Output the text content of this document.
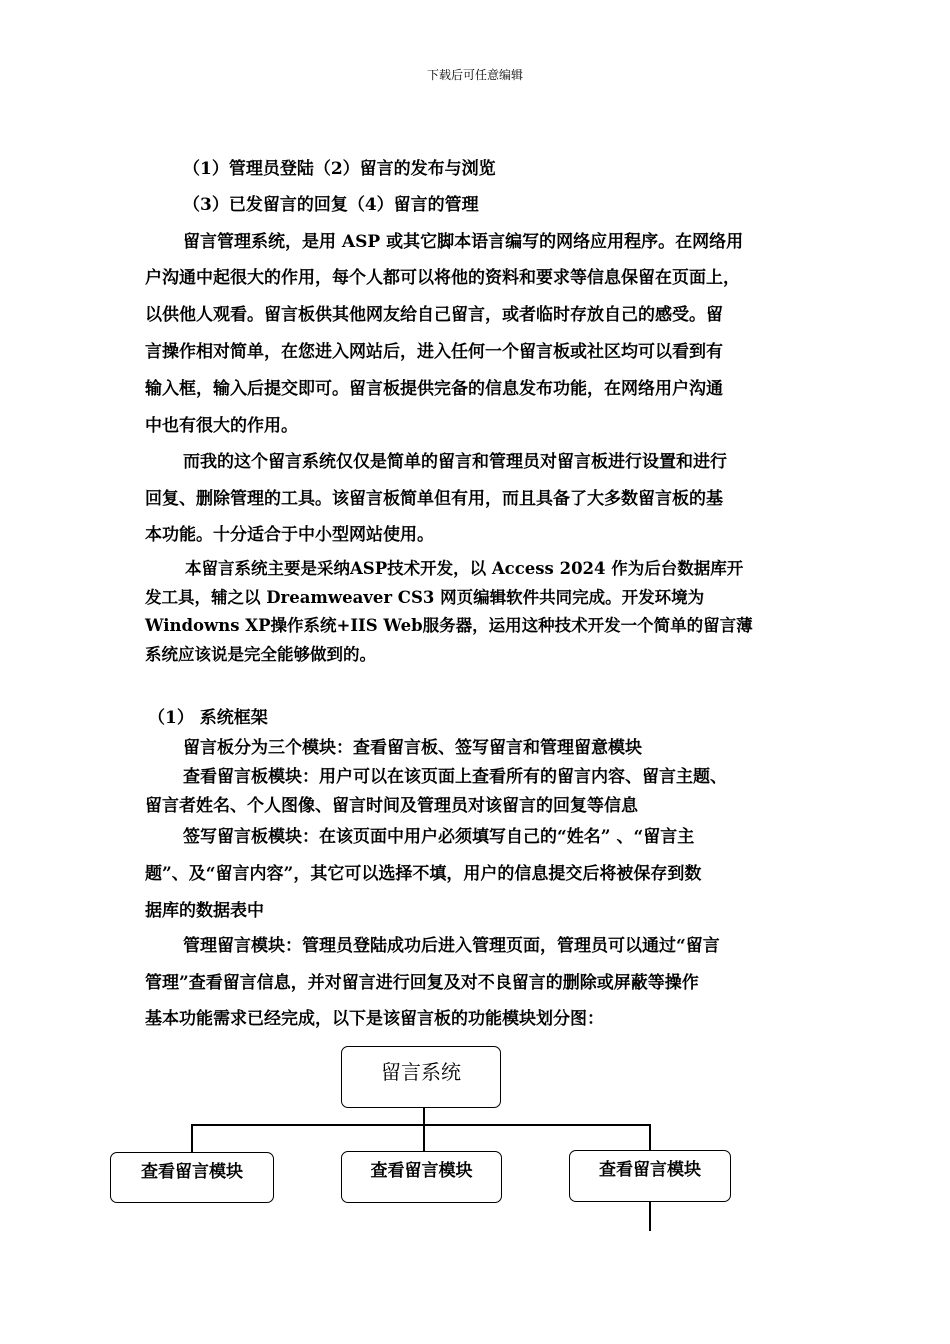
下载后可任意编辑
（1）管理员登陆（2）留言的发布与浏览
（3）已发留言的回复（4）留言的管理
留言管理系统，是用 ASP 或其它脚本语言编写的网络应用程序。在网络用
户沟通中起很大的作用，每个人都可以将他的资料和要求等信息保留在页面上，
以供他人观看。留言板供其他网友给自己留言，或者临时存放自己的感受。留
言操作相对简单，在您进入网站后，进入任何一个留言板或社区均可以看到有
输入框，输入后提交即可。留言板提供完备的信息发布功能，在网络用户沟通
中也有很大的作用。
而我的这个留言系统仅仅是简单的留言和管理员对留言板进行设置和进行
回复、删除管理的工具。该留言板简单但有用，而且具备了大多数留言板的基
本功能。十分适合于中小型网站使用。
本留言系统主要是采纳ASP技术开发，以 Access 2024 作为后台数据库开
发工具，辅之以 Dreamweaver CS3 网页编辑软件共同完成。开发环境为
Windowns XP操作系统+IIS Web服务器，运用这种技术开发一个简单的留言薄
系统应该说是完全能够做到的。
（1） 系统框架
留言板分为三个模块：查看留言板、签写留言和管理留意模块
查看留言板模块：用户可以在该页面上查看所有的留言内容、留言主题、
留言者姓名、个人图像、留言时间及管理员对该留言的回复等信息
签写留言板模块：在该页面中用户必须填写自己的“姓名” 、“留言主
题”、及“留言内容”，其它可以选择不填，用户的信息提交后将被保存到数
据库的数据表中
管理留言模块：管理员登陆成功后进入管理页面，管理员可以通过“留言
管理”查看留言信息，并对留言进行回复及对不良留言的删除或屏蔽等操作
基本功能需求已经完成，以下是该留言板的功能模块划分图：
留言系统
查看留言模块	查看留言模块	查看留言模块
